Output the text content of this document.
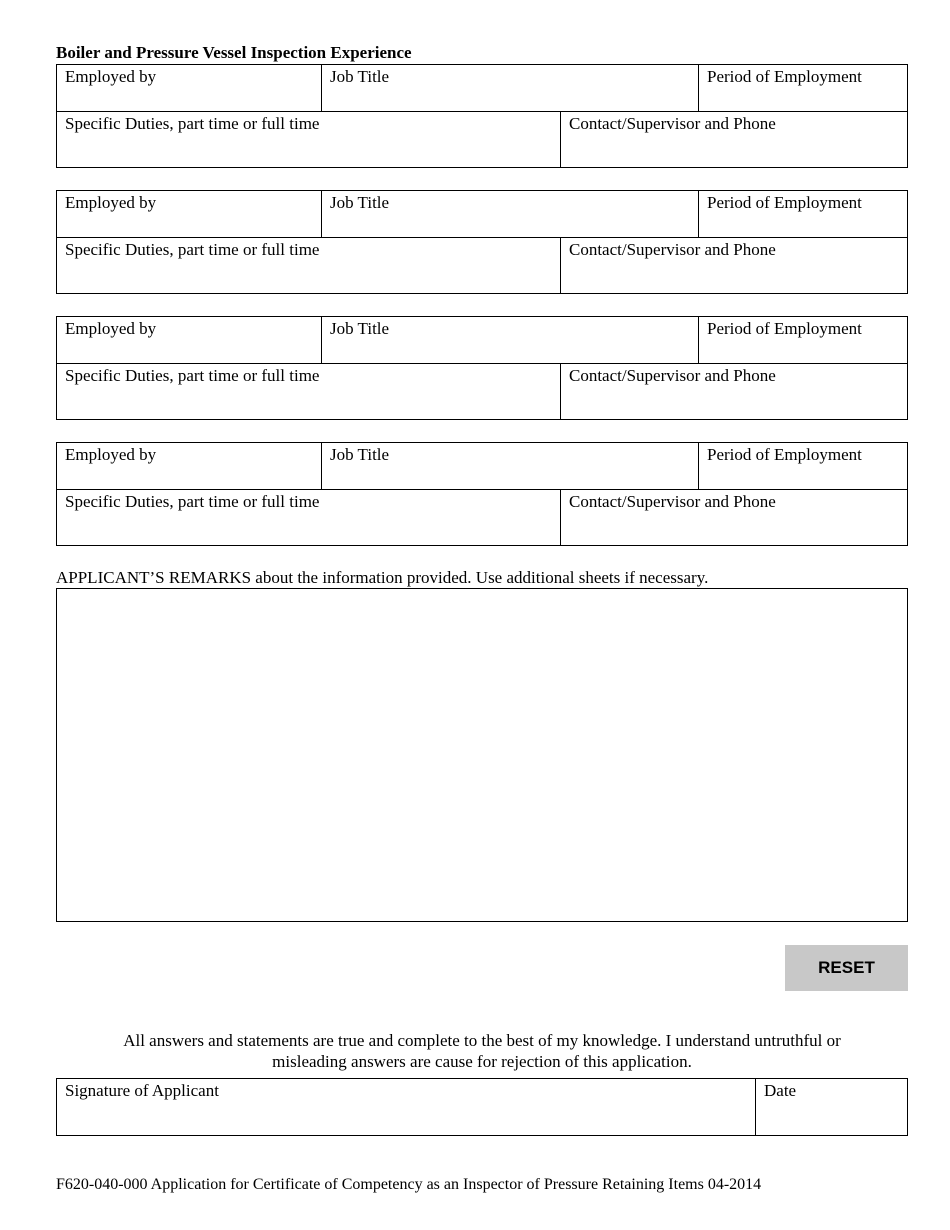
Boiler and Pressure Vessel Inspection Experience
Employed by	Job Title	Period of Employment
Specific Duties, part time or full time	Contact/Supervisor and Phone
Employed by	Job Title	Period of Employment
Specific Duties, part time or full time	Contact/Supervisor and Phone
Employed by	Job Title	Period of Employment
Specific Duties, part time or full time	Contact/Supervisor and Phone
Employed by	Job Title	Period of Employment
Specific Duties, part time or full time	Contact/Supervisor and Phone
APPLICANT’S REMARKS about the information provided. Use additional sheets if necessary.
RESET
All answers and statements are true and complete to the best of my knowledge. I understand untruthful or
misleading answers are cause for rejection of this application.
Signature of Applicant	Date
F620-040-000 Application for Certificate of Competency as an Inspector of Pressure Retaining Items 04-2014
